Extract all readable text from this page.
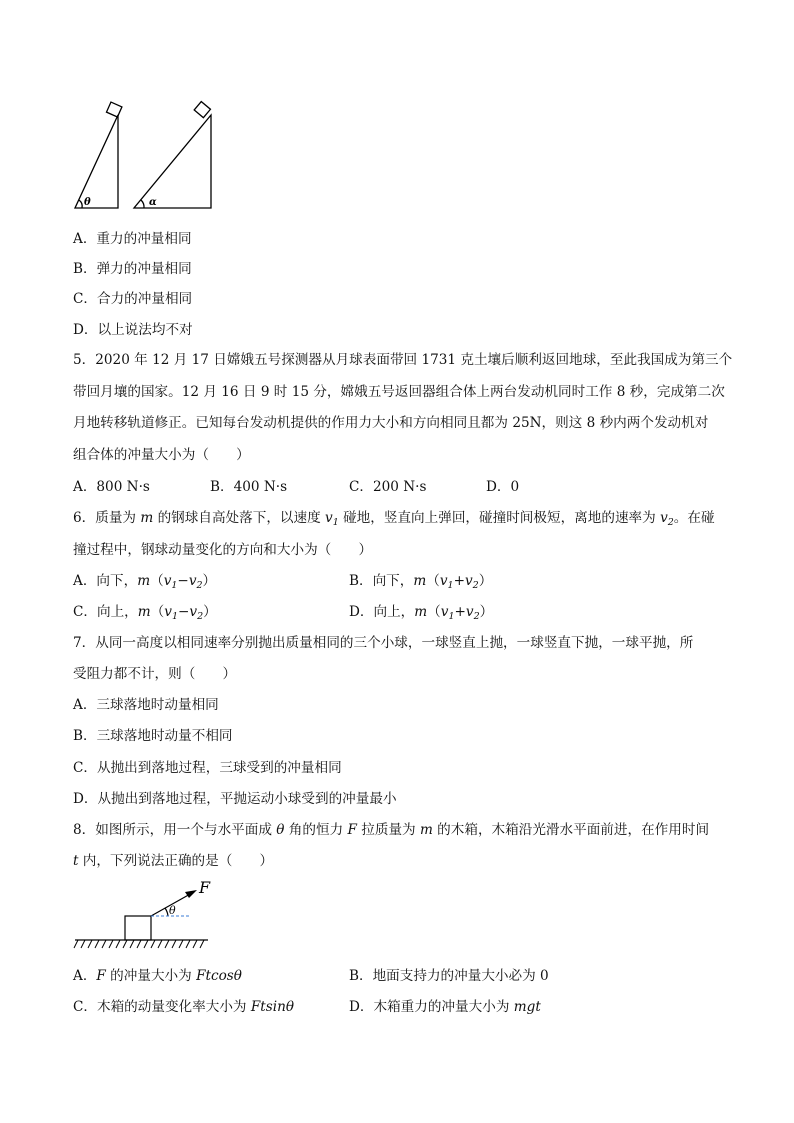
θ	α
A．重力的冲量相同
B．弹力的冲量相同
C．合力的冲量相同
D．以上说法均不对
5．2020 年 12 月 17 日嫦娥五号探测器从月球表面带回 1731 克土壤后顺利返回地球，至此我国成为第三个
带回月壤的国家。12 月 16 日 9 时 15 分，嫦娥五号返回器组合体上两台发动机同时工作 8 秒，完成第二次
月地转移轨道修正。已知每台发动机提供的作用力大小和方向相同且都为 25N，则这 8 秒内两个发动机对
组合体的冲量大小为（　　）
A．800 N·s	B．400 N·s	C．200 N·s	D．0
6．质量为 m 的钢球自高处落下，以速度 $v_1$ 碰地，竖直向上弹回，碰撞时间极短，离地的速率为 $v_2$。在碰
撞过程中，钢球动量变化的方向和大小为（　　）
A．向下，$m(v_1-v_2)$	B．向下，$m(v_1+v_2)$
C．向上，$m(v_1-v_2)$	D．向上，$m(v_1+v_2)$
7．从同一高度以相同速率分别抛出质量相同的三个小球，一球竖直上抛，一球竖直下抛，一球平抛，所
受阻力都不计，则（　　）
A．三球落地时动量相同
B．三球落地时动量不相同
C．从抛出到落地过程，三球受到的冲量相同
D．从抛出到落地过程，平抛运动小球受到的冲量最小
8．如图所示，用一个与水平面成 θ 角的恒力 F 拉质量为 m 的木箱，木箱沿光滑水平面前进，在作用时间
t 内，下列说法正确的是（　　）
F
θ
A．F 的冲量大小为 Ftcosθ	B．地面支持力的冲量大小必为 0
C．木箱的动量变化率大小为 Ftsinθ	D．木箱重力的冲量大小为 mgt
